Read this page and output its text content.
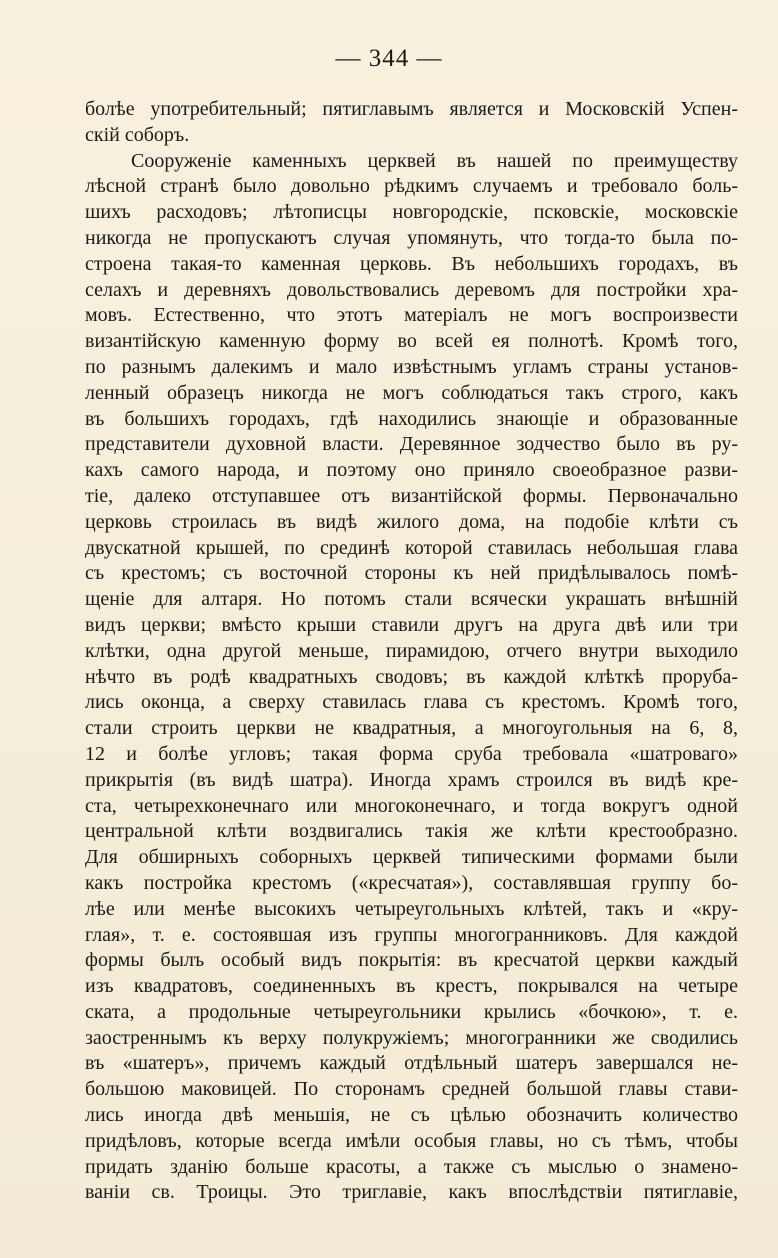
— 344 —
болѣе употребительный; пятиглавымъ является и Московскій Успен-
скій соборъ.
Сооруженіе каменныхъ церквей въ нашей по преимуществу
лѣсной странѣ было довольно рѣдкимъ случаемъ и требовало боль-
шихъ расходовъ; лѣтописцы новгородскіе, псковскіе, московскіе
никогда не пропускаютъ случая упомянуть, что тогда-то была по-
строена такая-то каменная церковь. Въ небольшихъ городахъ, въ
селахъ и деревняхъ довольствовались деревомъ для постройки хра-
мовъ. Естественно, что этотъ матеріалъ не могъ воспроизвести
византійскую каменную форму во всей ея полнотѣ. Кромѣ того,
по разнымъ далекимъ и мало извѣстнымъ угламъ страны установ-
ленный образецъ никогда не могъ соблюдаться такъ строго, какъ
въ большихъ городахъ, гдѣ находились знающіе и образованные
представители духовной власти. Деревянное зодчество было въ ру-
кахъ самого народа, и поэтому оно приняло своеобразное разви-
тіе, далеко отступавшее отъ византійской формы. Первоначально
церковь строилась въ видѣ жилого дома, на подобіе клѣти съ
двускатной крышей, по срединѣ которой ставилась небольшая глава
съ крестомъ; съ восточной стороны къ ней придѣлывалось помѣ-
щеніе для алтаря. Но потомъ стали всячески украшать внѣшній
видъ церкви; вмѣсто крыши ставили другъ на друга двѣ или три
клѣтки, одна другой меньше, пирамидою, отчего внутри выходило
нѣчто въ родѣ квадратныхъ сводовъ; въ каждой клѣткѣ проруба-
лись оконца, а сверху ставилась глава съ крестомъ. Кромѣ того,
стали строить церкви не квадратныя, а многоугольныя на 6, 8,
12 и болѣе угловъ; такая форма сруба требовала «шатроваго»
прикрытія (въ видѣ шатра). Иногда храмъ строился въ видѣ кре-
ста, четырехконечнаго или многоконечнаго, и тогда вокругъ одной
центральной клѣти воздвигались такія же клѣти крестообразно.
Для обширныхъ соборныхъ церквей типическими формами были
какъ постройка крестомъ («кресчатая»), составлявшая группу бо-
лѣе или менѣе высокихъ четыреугольныхъ клѣтей, такъ и «кру-
глая», т. е. состоявшая изъ группы многогранниковъ. Для каждой
формы былъ особый видъ покрытія: въ кресчатой церкви каждый
изъ квадратовъ, соединенныхъ въ крестъ, покрывался на четыре
ската, а продольные четыреугольники крылись «бочкою», т. е.
заостреннымъ къ верху полукружіемъ; многогранники же сводились
въ «шатеръ», причемъ каждый отдѣльный шатеръ завершался не-
большою маковицей. По сторонамъ средней большой главы стави-
лись иногда двѣ меньшія, не съ цѣлью обозначить количество
придѣловъ, которые всегда имѣли особыя главы, но съ тѣмъ, чтобы
придать зданію больше красоты, а также съ мыслью о знамено-
ваніи св. Троицы. Это триглавіе, какъ впослѣдствіи пятиглавіе,
